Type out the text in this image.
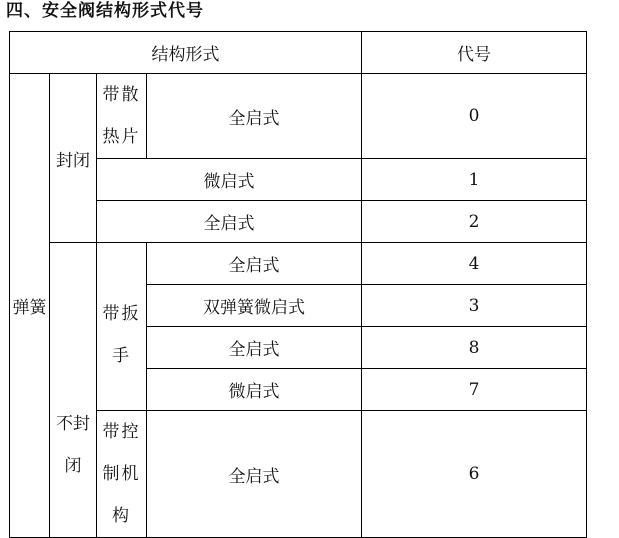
四、安全阀结构形式代号
结构形式				代号
弹簧	封闭	带散热片	全启式	0
		微启式		1
		全启式		2
	不封闭	带扳手	全启式	4
			双弹簧微启式	3
			全启式	8
			微启式	7
		带控制机构	全启式	6
